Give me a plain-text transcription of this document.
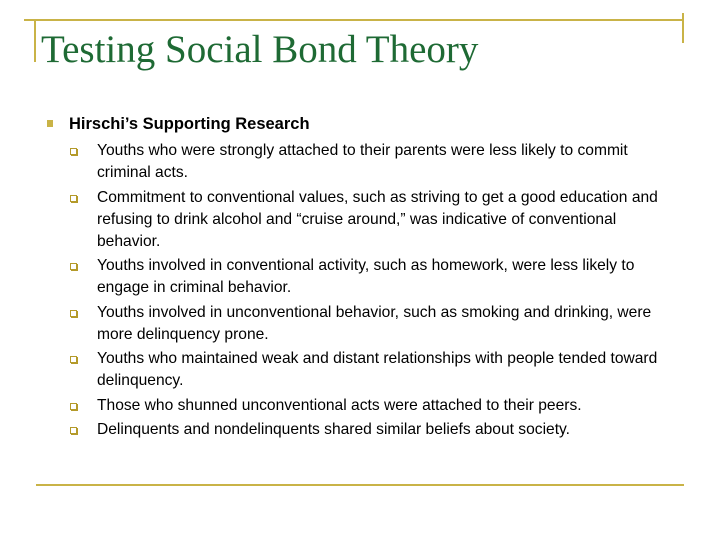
Testing Social Bond Theory
Hirschi’s Supporting Research
Youths who were strongly attached to their parents were less likely to commit criminal acts.
Commitment to conventional values, such as striving to get a good education and refusing to drink alcohol and “cruise around,” was indicative of conventional behavior.
Youths involved in conventional activity, such as homework, were less likely to engage in criminal behavior.
Youths involved in unconventional behavior, such as smoking and drinking, were more delinquency prone.
Youths who maintained weak and distant relationships with people tended toward delinquency.
Those who shunned unconventional acts were attached to their peers.
Delinquents and nondelinquents shared similar beliefs about society.
